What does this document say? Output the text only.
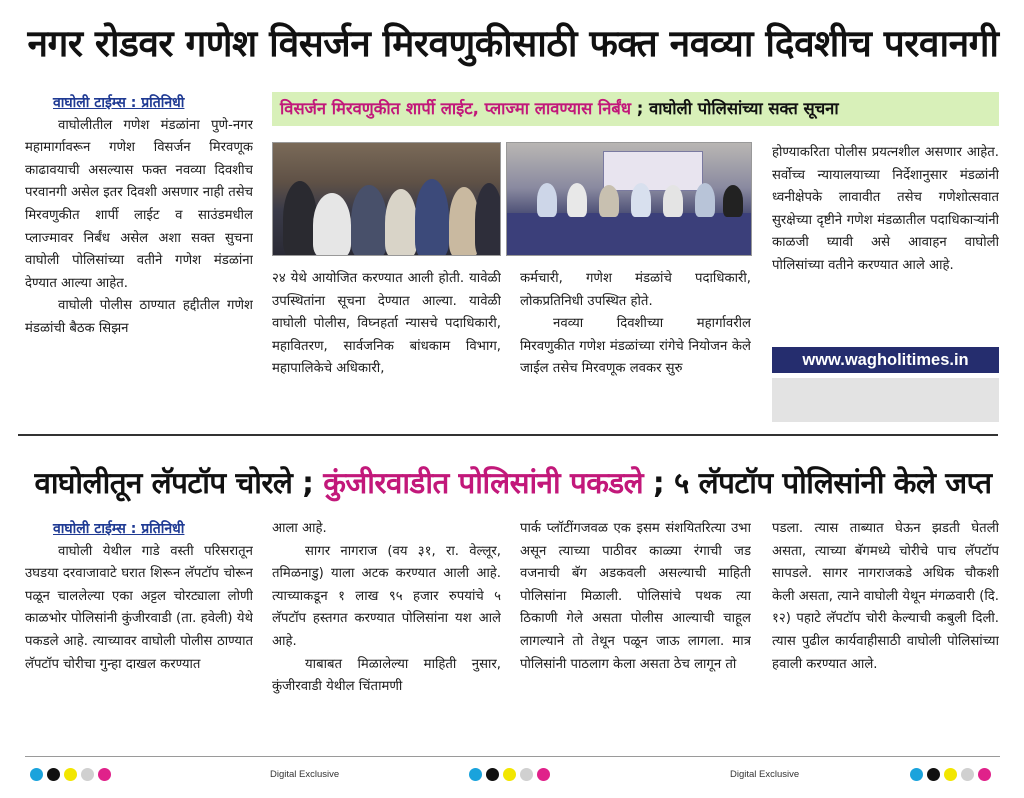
नगर रोडवर गणेश विसर्जन मिरवणुकीसाठी फक्त नवव्या दिवशीच परवानगी
वाघोली टाईम्स : प्रतिनिधी

वाघोलीतील गणेश मंडळांना पुणे-नगर महामार्गावरून गणेश विसर्जन मिरवणूक काढावयाची असल्यास फक्त नवव्या दिवशीच परवानगी असेल इतर दिवशी असणार नाही तसेच मिरवणुकीत शार्पी लाईट व साउंडमधील प्लाज्मावर निर्बंध असेल अशा सक्त सुचना वाघोली पोलिसांच्या वतीने गणेश मंडळांना देण्यात आल्या आहेत.

वाघोली पोलीस ठाण्यात हद्दीतील गणेश मंडळांची बैठक सिझन

विसर्जन मिरवणुकीत शार्पी लाईट, प्लाज्मा लावण्यास निर्बंध ; वाघोली पोलिसांच्या सक्त सूचना

२४ येथे आयोजित करण्यात आली होती. यावेळी उपस्थितांना सूचना देण्यात आल्या. यावेळी वाघोली पोलीस, विघ्नहर्ता न्यासचे पदाधिकारी, महावितरण, सार्वजनिक बांधकाम विभाग, महापालिकेचे अधिकारी,

कर्मचारी, गणेश मंडळांचे पदाधिकारी, लोकप्रतिनिधी उपस्थित होते.

नवव्या दिवशीच्या महार्गावरील मिरवणुकीत गणेश मंडळांच्या रांगेचे नियोजन केले जाईल तसेच मिरवणूक लवकर सुरु

होण्याकरिता पोलीस प्रयत्नशील असणार आहेत. सर्वोच्च न्यायालयाच्या निर्देशानुसार मंडळांनी ध्वनीक्षेपके लावावीत तसेच गणेशोत्सवात सुरक्षेच्या दृष्टीने गणेश मंडळातील पदाधिकाऱ्यांनी काळजी घ्यावी असे आवाहन वाघोली पोलिसांच्या वतीने करण्यात आले आहे.

www.wagholitimes.in
वाघोलीतून लॅपटॉप चोरले ; कुंजीरवाडीत पोलिसांनी पकडले ; ५ लॅपटॉप पोलिसांनी केले जप्त
वाघोली टाईम्स : प्रतिनिधी

वाघोली येथील गाडे वस्ती परिसरातून उघडया दरवाजावाटे घरात शिरून लॅपटॉप चोरून पळून चाललेल्या एका अट्टल चोरट्याला लोणी काळभोर पोलिसांनी कुंजीरवाडी (ता. हवेली) येथे पकडले आहे. त्याच्यावर वाघोली पोलीस ठाण्यात लॅपटॉप चोरीचा गुन्हा दाखल करण्यात

आला आहे.

सागर नागराज (वय ३१, रा. वेल्लूर, तमिळनाडु) याला अटक करण्यात आली आहे. त्याच्याकडून १ लाख ९५ हजार रुपयांचे ५ लॅपटॉप हस्तगत करण्यात पोलिसांना यश आले आहे.

याबाबत मिळालेल्या माहिती नुसार, कुंजीरवाडी येथील चिंतामणी

पार्क प्लॉटींगजवळ एक इसम संशयितरित्या उभा असून त्याच्या पाठीवर काळ्या रंगाची जड वजनाची बॅग अडकवली असल्याची माहिती पोलिसांना मिळाली. पोलिसांचे पथक त्या ठिकाणी गेले असता पोलीस आल्याची चाहूल लागल्याने तो तेथून पळून जाऊ लागला. मात्र पोलिसांनी पाठलाग केला असता ठेच लागून तो

पडला. त्यास ताब्यात घेऊन झडती घेतली असता, त्याच्या बॅगमध्ये चोरीचे पाच लॅपटॉप सापडले. सागर नागराजकडे अधिक चौकशी केली असता, त्याने वाघोली येथून मंगळवारी (दि. १२) पहाटे लॅपटॉप चोरी केल्याची कबुली दिली. त्यास पुढील कार्यवाहीसाठी वाघोली पोलिसांच्या हवाली करण्यात आले.

Digital Exclusive	Digital Exclusive
